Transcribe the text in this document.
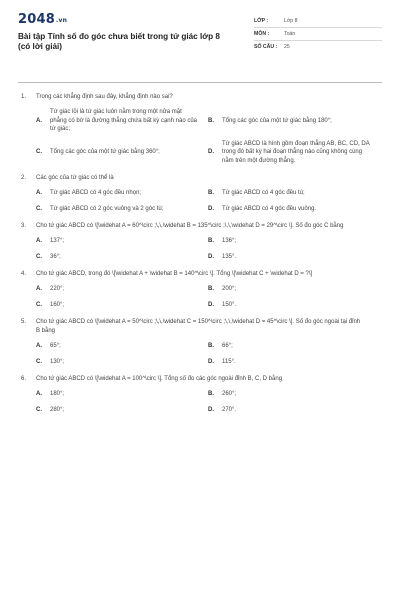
2048.vn
Bài tập Tính số đo góc chưa biết trong tứ giác lớp 8 (có lời giải)
LỚP :	Lớp 8
MÔN :	Toán
SỐ CÂU :	25
1.	Trong các khẳng định sau đây, khẳng định nào sai?
A.
Tứ giác lồi là tứ giác luôn nằm trong một nửa mặt phẳng có bờ là đường thẳng chứa bất kỳ cạnh nào của tứ giác;
B.	Tổng các góc của một tứ giác bằng 180°;
C.	Tổng các góc của một tứ giác bằng 360°;	D.
Tứ giác ABCD là hình gồm đoạn thẳng AB, BC, CD, DA trong đó bất kỳ hai đoạn thẳng nào cũng không cùng nằm trên một đường thẳng.
2.	Các góc của tứ giác có thể là
A.	Tứ giác ABCD có 4 góc đều nhọn;	B.	Tứ giác ABCD có 4 góc đều tù;
C.	Tứ giác ABCD có 2 góc vuông và 2 góc tù;	D.	Tứ giác ABCD có 4 góc đều vuông.
3.	Cho tứ giác ABCD có \[\widehat A = 60^\circ ;\,\,\widehat B = 135^\circ ;\,\,\widehat D = 29^\circ \]. Số đo góc C bằng
A.	137°;	B.	136°;
C.	36°;	D.	135°.
4.	Cho tứ giác ABCD, trong đó \[\widehat A + \widehat B = 140^\circ \]. Tổng \[\widehat C + \widehat D = ?\]
A.	220°;	B.	200°;
C.	160°;	D.	150°.
5.	Cho tứ giác ABCD có \[\widehat A = 50^\circ ;\,\,\widehat C = 150^\circ ;\,\,\widehat D = 45^\circ \]. Số đo góc ngoài tại đỉnh B bằng
A.	65°;	B.	66°;
C.	130°;	D.	115°.
6.	Cho tứ giác ABCD có \[\widehat A = 100^\circ \]. Tổng số đo các góc ngoài đỉnh B, C, D bằng
A.	180°;	B.	260°;
C.	280°;	D.	270°.
